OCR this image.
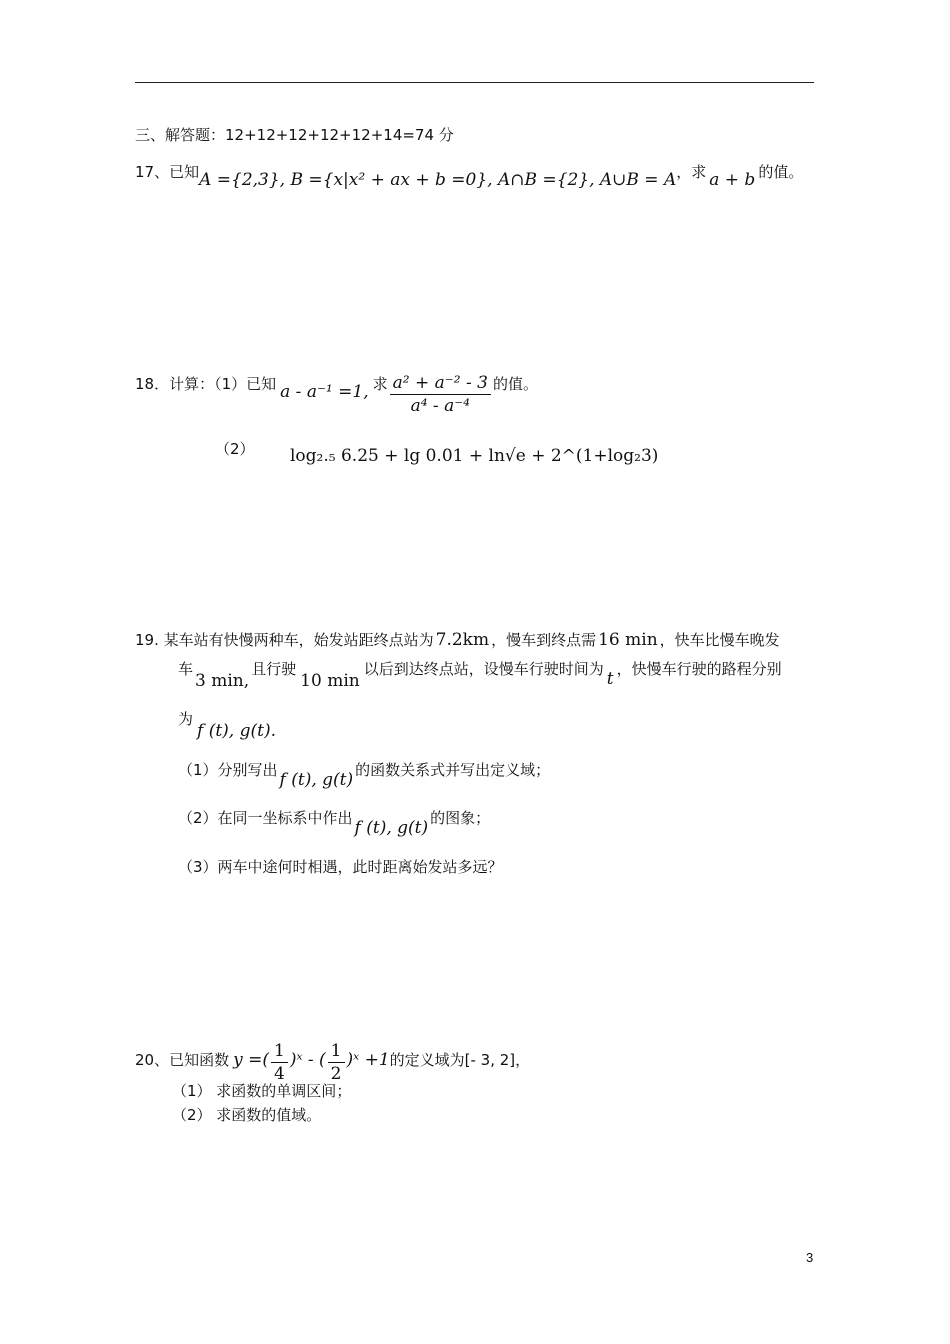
三、解答题：12+12+12+12+12+14=74 分
17、已知A ={2,3}, B ={x|x² + ax + b =0}, A∩B ={2}, A∪B = A，求 a + b 的值。
18．计算：（1）已知 a - a⁻¹ =1, 求 $\frac{\text{a² + a⁻² - 3}}{\text{a⁴ - a⁻⁴}}$ 的值。
（2） log₂.₅ 6.25 + lg 0.01 + ln√e + 2^(1+log₂3)
19. 某车站有快慢两种车，始发站距终点站为 7.2km ，慢车到终点需 16 min ，快车比慢车晚发
车3 min,且行驶10 min以后到达终点站，设慢车行驶时间为 t ，快慢车行驶的路程分别
为f (t), g(t).
（1）分别写出 f (t), g(t) 的函数关系式并写出定义域；
（2）在同一坐标系中作出 f (t), g(t) 的图象；
（3）两车中途何时相遇，此时距离始发站多远？
20、已知函数 y =( $\frac{1}{4}$ )ˣ - ( $\frac{1}{2}$ )ˣ +1的定义域为[- 3, 2]，
（1） 求函数的单调区间；
（2） 求函数的值域。
3
